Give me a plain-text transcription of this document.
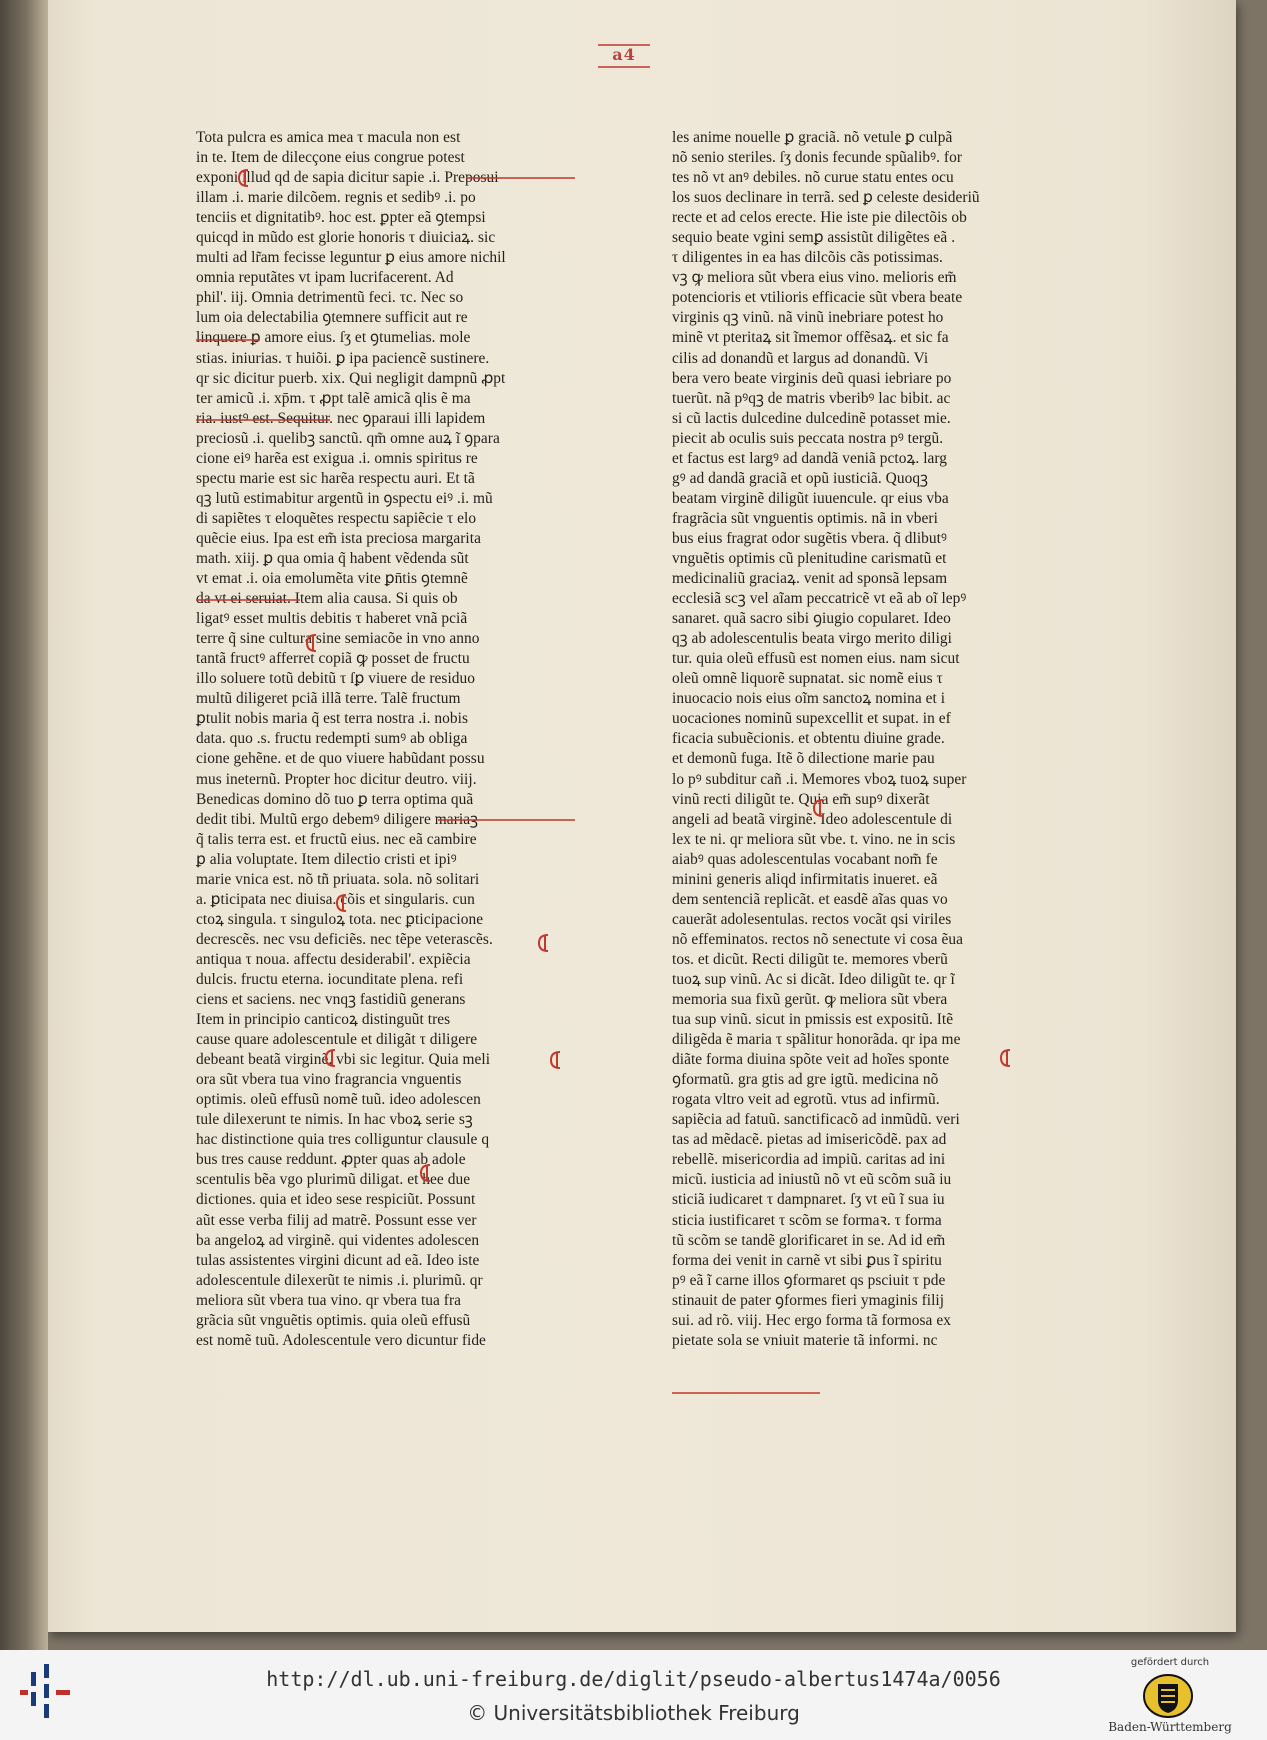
a4
Tota pulcra es amica mea τ macula non est
in te. Item de dilecçone eius congrue potest
exponi illud qd de sapia dicitur sapie .i. Preposui
illam .i. marie dilcõem. regnis et sedibꝰ .i. po
tenciis et dignitatibꝰ. hoc est. ꝑpter eã ꝯtempsi
quicqd in mũdo est glorie honoris τ diuiciaꝝ. sic
multi ad lr̃am fecisse leguntur ꝑ eius amore nichil
omnia reputãtes vt ipam lucrifacerent. Ad
phil'. iij. Omnia detrimentũ feci. τc. Nec so
lum oia delectabilia ꝯtemnere sufficit aut re
linquere ꝑ amore eius. ſʒ et ꝯtumelias. mole
stias. iniurias. τ huiõi. ꝑ ipa paciencẽ sustinere.
qr sic dicitur puerb. xix. Qui negligit dampnũ ꝓpt
ter amicũ .i. xp̄m. τ ꝓpt talẽ amicã qlis ẽ ma
ria. iustꝰ est. Sequitur. nec ꝯparaui illi lapidem
preciosũ .i. quelibꝫ sanctũ. qm̃ omne auꝝ ĩ ꝯpara
cione eiꝰ harẽa est exigua .i. omnis spiritus re
spectu marie est sic harẽa respectu auri. Et tã
qꝫ lutũ estimabitur argentũ in ꝯspectu eiꝰ .i. mũ
di sapiẽtes τ eloquẽtes respectu sapiẽcie τ elo
quẽcie eius. Ipa est em̃ ista preciosa margarita
math. xiij. ꝑ qua omia q̃ habent vẽdenda sũt
vt emat .i. oia emolumẽta vite ꝑn̄tis ꝯtemnẽ
da vt ei seruiat. Item alia causa. Si quis ob
ligatꝰ esset multis debitis τ haberet vnã pciã
terre q̃ sine cultura sine semiacõe in vno anno
tantã fructꝰ afferret copiã ꝙ posset de fructu
illo soluere totũ debitũ τ ſꝑ viuere de residuo
multũ diligeret pciã illã terre. Talẽ fructum
ꝑtulit nobis maria q̃ est terra nostra .i. nobis
data. quo .s. fructu redempti sumꝰ ab obliga
cione gehẽne. et de quo viuere habũdant possu
mus ineternũ. Propter hoc dicitur deutro. viij.
Benedicas domino dõ tuo ꝑ terra optima quã
dedit tibi. Multũ ergo debemꝰ diligere mariaꝫ
q̃ talis terra est. et fructũ eius. nec eã cambire
ꝑ alia voluptate. Item dilectio cristi et ipiꝰ
marie vnica est. nõ tñ priuata. sola. nõ solitari
a. ꝑticipata nec diuisa. cõis et singularis. cun
ctoꝝ singula. τ singuloꝝ tota. nec ꝑticipacione
decrescẽs. nec vsu deficiẽs. nec tẽpe veterascẽs.
antiqua τ noua. affectu desiderabil'. expiẽcia
dulcis. fructu eterna. iocunditate plena. refi
ciens et saciens. nec vnqꝫ fastidiũ generans
Item in principio canticoꝝ distinguũt tres
cause quare adolescentule et diligãt τ diligere
debeant beatã virginẽ. vbi sic legitur. Quia meli
ora sũt vbera tua vino fragrancia vnguentis
optimis. oleũ effusũ nomẽ tuũ. ideo adolescen
tule dilexerunt te nimis. In hac vboꝝ serie sꝫ
hac distinctione quia tres colliguntur clausule q
bus tres cause reddunt. ꝓpter quas ab adole
scentulis bẽa vgo plurimũ diligat. et hee due
dictiones. quia et ideo sese respiciũt. Possunt
aũt esse verba filij ad matrẽ. Possunt esse ver
ba angeloꝝ ad virginẽ. qui videntes adolescen
tulas assistentes virgini dicunt ad eã. Ideo iste
adolescentule dilexerũt te nimis .i. plurimũ. qr
meliora sũt vbera tua vino. qr vbera tua fra
grãcia sũt vnguẽtis optimis. quia oleũ effusũ
est nomẽ tuũ. Adolescentule vero dicuntur fide
les anime nouelle ꝑ graciã. nõ vetule ꝑ culpã
nõ senio steriles. ſʒ donis fecunde spũalibꝰ. for
tes nõ vt anꝰ debiles. nõ curue statu entes ocu
los suos declinare in terrã. sed ꝑ celeste desideriũ
recte et ad celos erecte. Hie iste pie dilectõis ob
sequio beate vgini semꝑ assistũt diligẽtes eã .
τ diligentes in ea has dilcõis cãs potissimas.
vꝫ ꝙ meliora sũt vbera eius vino. melioris em̃
potencioris et vtilioris efficacie sũt vbera beate
virginis qꝫ vinũ. nã vinũ inebriare potest ho
minẽ vt pteritaꝝ sit ĩmemor offẽsaꝝ. et sic fa
cilis ad donandũ et largus ad donandũ. Vi
bera vero beate virginis deũ quasi iebriare po
tuerũt. nã pꝰqꝫ de matris vberibꝰ lac bibit. ac
si cũ lactis dulcedine dulcedinẽ potasset mie.
piecit ab oculis suis peccata nostra pꝰ tergũ.
et factus est largꝰ ad dandã veniã pctoꝝ. larg
gꝰ ad dandã graciã et opũ iusticiã. Quoqꝫ
beatam virginẽ diligũt iuuencule. qr eius vba
fragrãcia sũt vnguentis optimis. nã in vberi
bus eius fragrat odor sugẽtis vbera. q̃ dlibutꝰ
vnguẽtis optimis cũ plenitudine carismatũ et
medicinaliũ graciaꝝ. venit ad sponsã lepsam
ecclesiã scꝫ vel aĩam peccatricẽ vt eã ab oĩ lepꝰ
sanaret. quã sacro sibi ꝯiugio copularet. Ideo
qꝫ ab adolescentulis beata virgo merito diligi
tur. quia oleũ effusũ est nomen eius. nam sicut
oleũ omnẽ liquorẽ supnatat. sic nomẽ eius τ
inuocacio nois eius oĩm sanctoꝝ nomina et i
uocaciones nominũ supexcellit et supat. in ef
ficacia subuẽcionis. et obtentu diuine grade.
et demonũ fuga. Itẽ õ dilectione marie pau
lo pꝰ subditur cañ .i. Memores vboꝝ tuoꝝ super
vinũ recti diligũt te. Quia em̃ supꝰ dixerãt
angeli ad beatã virginẽ. Ideo adolescentule di
lex te ni. qr meliora sũt vbe. t. vino. ne in scis
aiabꝰ quas adolescentulas vocabant nom̃ fe
minini generis aliqd infirmitatis inueret. eã
dem sentenciã replicãt. et easdẽ aĩas quas vo
cauerãt adolesentulas. rectos vocãt qsi viriles
nõ effeminatos. rectos nõ senectute vi cosa ẽua
tos. et dicũt. Recti diligũt te. memores vberũ
tuoꝝ sup vinũ. Ac si dicãt. Ideo diligũt te. qr ĩ
memoria sua fixũ gerũt. ꝙ meliora sũt vbera
tua sup vinũ. sicut in pmissis est expositũ. Itẽ
diligẽda ẽ maria τ spãlitur honorãda. qr ipa me
diãte forma diuina spõte veit ad hoĩes sponte
ꝯformatũ. gra gtis ad gre igtũ. medicina nõ
rogata vltro veit ad egrotũ. vtus ad infirmũ.
sapiẽcia ad fatuũ. sanctificacõ ad inmũdũ. veri
tas ad mẽdacẽ. pietas ad imisericõdẽ. pax ad
rebellẽ. misericordia ad impiũ. caritas ad ini
micũ. iusticia ad iniustũ nõ vt eũ scõm suã iu
sticiã iudicaret τ dampnaret. ſʒ vt eũ ĩ sua iu
sticia iustificaret τ scõm se formaꝛ. τ forma
tũ scõm se tandẽ glorificaret in se. Ad id em̃
forma dei venit in carnẽ vt sibi ꝑus ĩ spiritu
pꝰ eã ĩ carne illos ꝯformaret qs psciuit τ pde
stinauit de pater ꝯformes fieri ymaginis filij
sui. ad rõ. viij. Hec ergo forma tã formosa ex
pietate sola se vniuit materie tã informi. nc
http://dl.ub.uni-freiburg.de/diglit/pseudo-albertus1474a/0056
© Universitätsbibliothek Freiburg
gefördert durch
Baden-Württemberg
